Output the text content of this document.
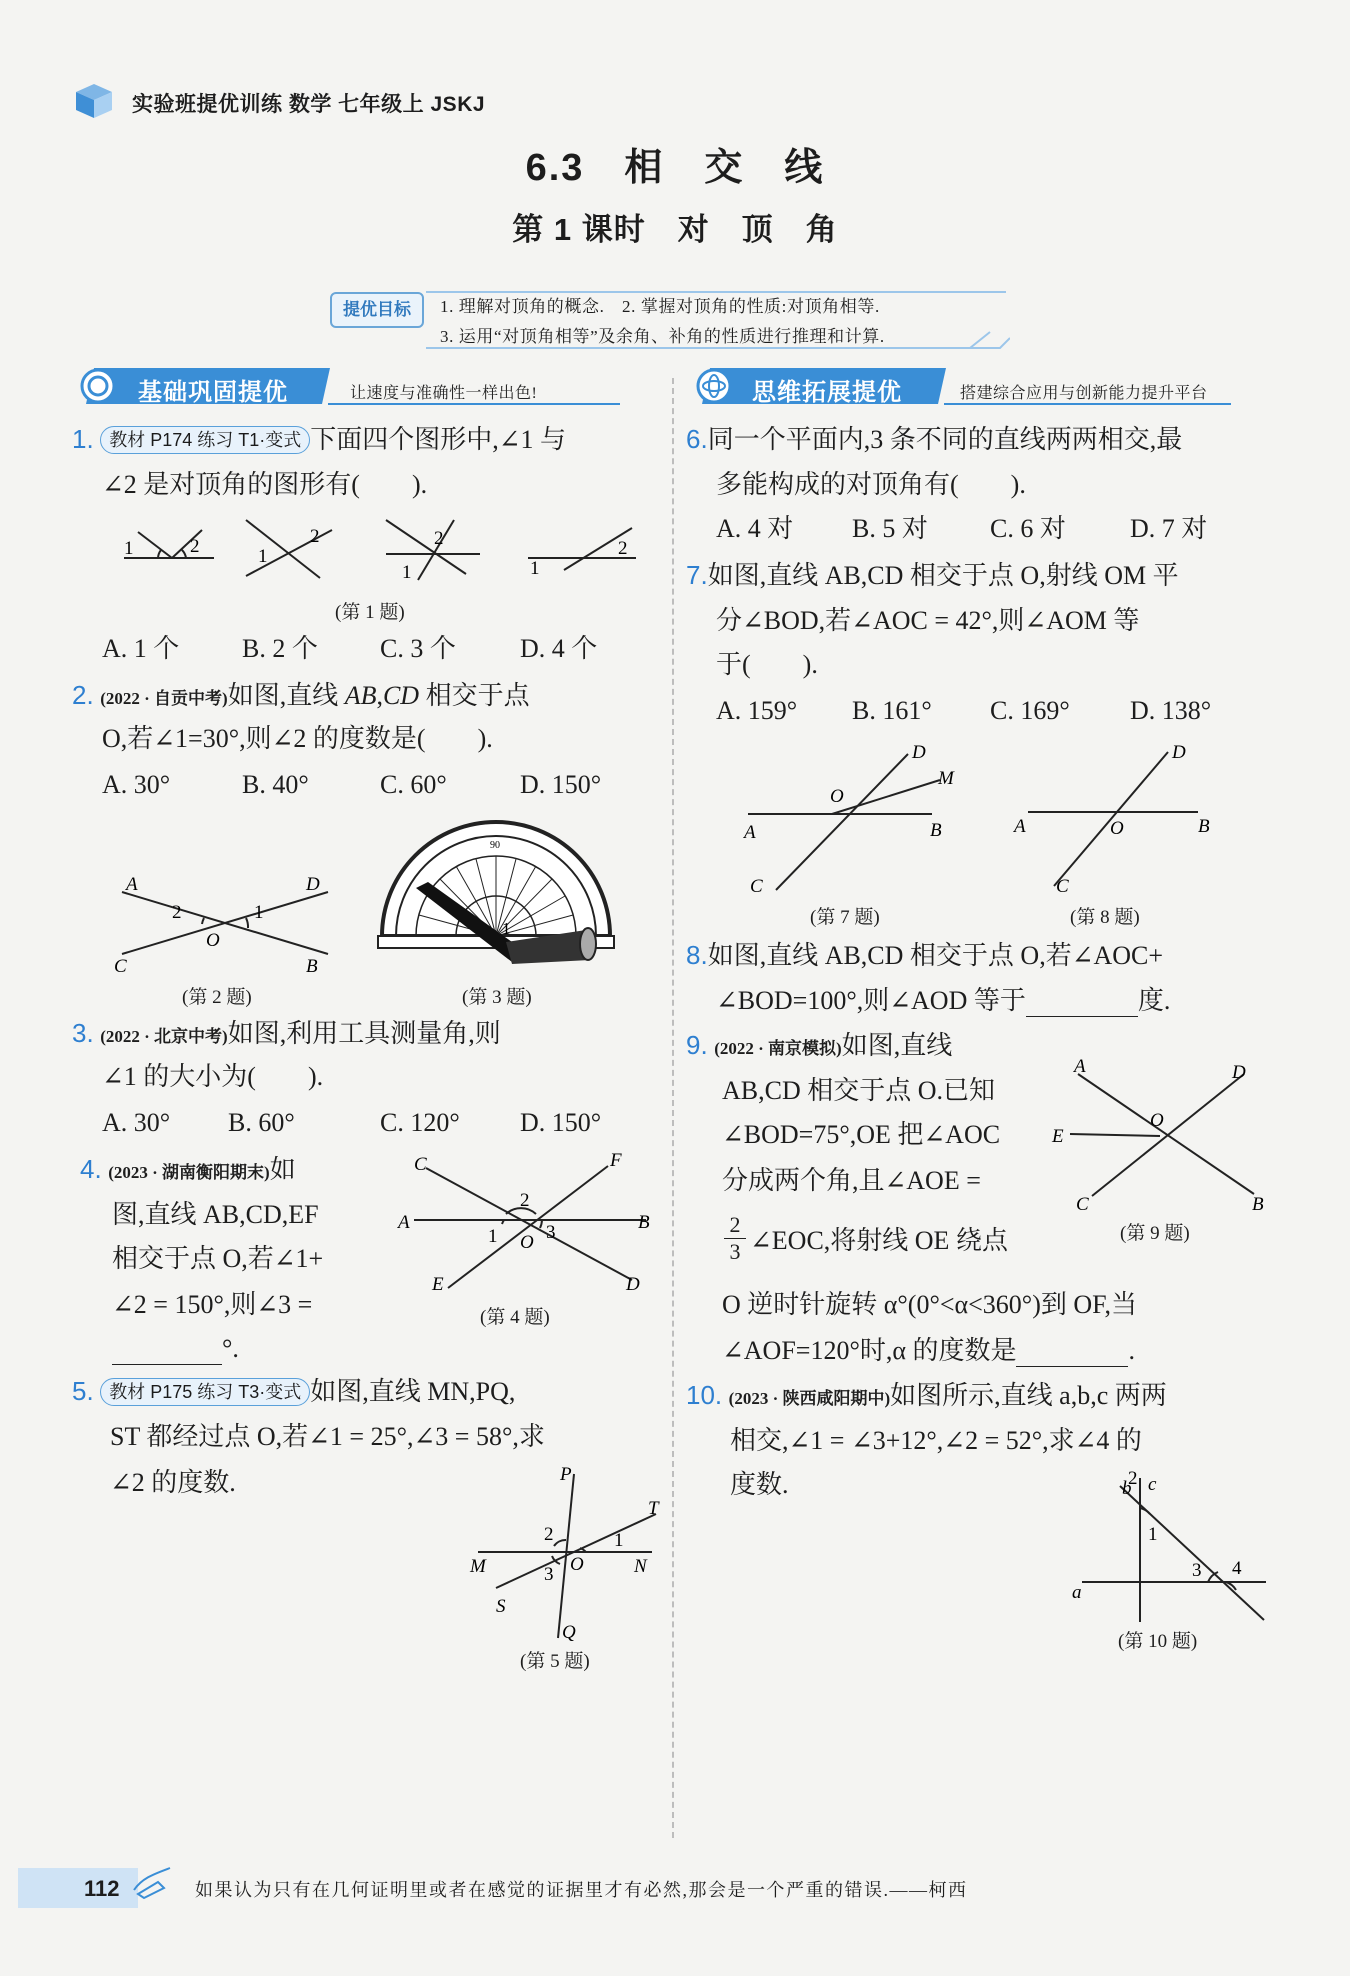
实验班提优训练 数学 七年级上 JSKJ
6.3　相　交　线
第 1 课时　对　顶　角
提优目标	1. 理解对顶角的概念.　2. 掌握对顶角的性质:对顶角相等.
3. 运用“对顶角相等”及余角、补角的性质进行推理和计算.
基础巩固提优	让速度与准确性一样出色!	思维拓展提优	搭建综合应用与创新能力提升平台
1. 教材 P174 练习 T1·变式 下面四个图形中,∠1 与
∠2 是对顶角的图形有(　　).
1	2	1
2	2
1	1
2
(第 1 题)
A. 1 个 B. 2 个 C. 3 个 D. 4 个
2. (2022 · 自贡中考)如图,直线 AB,CD 相交于点
O,若∠1=30°,则∠2 的度数是(　　).
A. 30°	B. 40°	C. 60°	D. 150°
A	D
C	B
O
2	1
(第 2 题)
90
1
(第 3 题)
3. (2022 · 北京中考)如图,利用工具测量角,则
∠1 的大小为(　　).
A. 30° B. 60°	C. 120° D. 150°
4. (2023 · 湖南衡阳期末)如
图,直线 AB,CD,EF
相交于点 O,若∠1+
∠2 = 150°,则∠3 =
°.
C	F
A	B
E	D
O
2
1	3
(第 4 题)
5. 教材 P175 练习 T3·变式 如图,直线 MN,PQ,
ST 都经过点 O,若∠1 = 25°,∠3 = 58°,求
∠2 的度数.	P
T
M	N
S
Q
O
2	1
3
(第 5 题)
6.同一个平面内,3 条不同的直线两两相交,最
多能构成的对顶角有(　　).
A. 4 对 B. 5 对 C. 6 对 D. 7 对
7.如图,直线 AB,CD 相交于点 O,射线 OM 平
分∠BOD,若∠AOC = 42°,则∠AOM 等
于(　　).
A. 159° B. 161° C. 169° D. 138°
D
M
O
A	B
C
(第 7 题)
D
A	B
O
C
(第 8 题)
8.如图,直线 AB,CD 相交于点 O,若∠AOC+
∠BOD=100°,则∠AOD 等于	度.
9. (2022 · 南京模拟)如图,直线
AB,CD 相交于点 O.已知
∠BOD=75°,OE 把∠AOC
分成两个角,且∠AOE =
2
3 ∠EOC,将射线 OE 绕点
O 逆时针旋转 α°(0°<α<360°)到 OF,当
∠AOF=120°时,α 的度数是	.
A	D
E
O
C	B
(第 9 题)
10. (2023 · 陕西咸阳期中)如图所示,直线 a,b,c 两两
相交,∠1 = ∠3+12°,∠2 = 52°,求∠4 的
度数.	b c
2
1
3 4
a
(第 10 题)
112	如果认为只有在几何证明里或者在感觉的证据里才有必然,那会是一个严重的错误.——柯西
